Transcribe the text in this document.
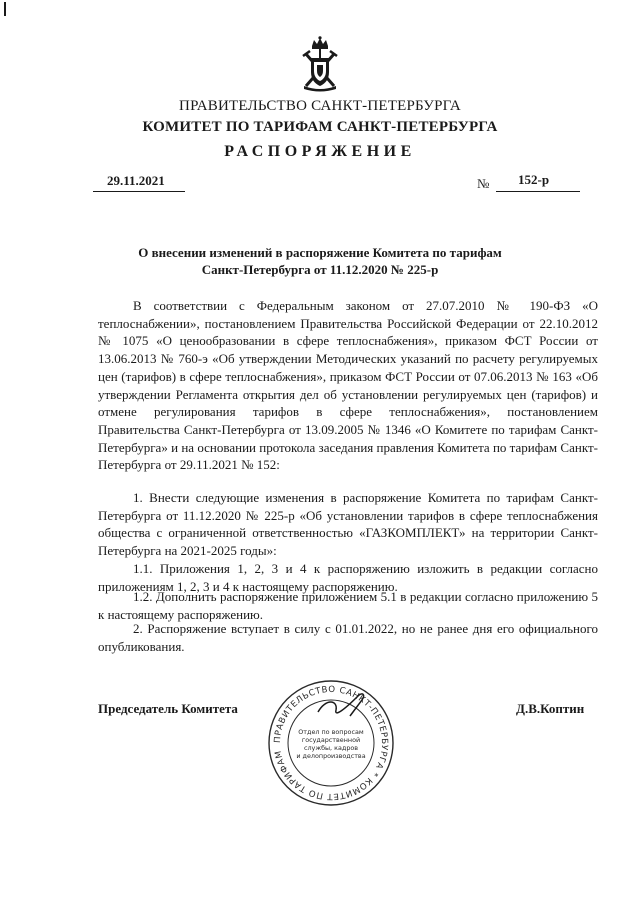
ПРАВИТЕЛЬСТВО САНКТ-ПЕТЕРБУРГА
КОМИТЕТ ПО ТАРИФАМ САНКТ-ПЕТЕРБУРГА
РАСПОРЯЖЕНИЕ
29.11.2021	№ 152-р
О внесении изменений в распоряжение Комитета по тарифам
Санкт-Петербурга от 11.12.2020 № 225-р

В соответствии с Федеральным законом от 27.07.2010 № 190-ФЗ «О теплоснабжении», постановлением Правительства Российской Федерации от 22.10.2012 № 1075 «О ценообразовании в сфере теплоснабжения», приказом ФСТ России от 13.06.2013 № 760-э «Об утверждении Методических указаний по расчету регулируемых цен (тарифов) в сфере теплоснабжения», приказом ФСТ России от 07.06.2013 № 163 «Об утверждении Регламента открытия дел об установлении регулируемых цен (тарифов) и отмене регулирования тарифов в сфере теплоснабжения», постановлением Правительства Санкт-Петербурга от 13.09.2005 № 1346 «О Комитете по тарифам Санкт-Петербурга» и на основании протокола заседания правления Комитета по тарифам Санкт-Петербурга от 29.11.2021 № 152:

1. Внести следующие изменения в распоряжение Комитета по тарифам Санкт-Петербурга от 11.12.2020 № 225-р «Об установлении тарифов в сфере теплоснабжения общества с ограниченной ответственностью «ГАЗКОМПЛЕКТ» на территории Санкт-Петербурга на 2021-2025 годы»:

1.1. Приложения 1, 2, 3 и 4 к распоряжению изложить в редакции согласно приложениям 1, 2, 3 и 4 к настоящему распоряжению.

1.2. Дополнить распоряжение приложением 5.1 в редакции согласно приложению 5 к настоящему распоряжению.

2. Распоряжение вступает в силу с 01.01.2022, но не ранее дня его официального опубликования.

Председатель Комитета	Д.В.Коптин
ПРАВИТЕЛЬСТВО САНКТ-ПЕТЕРБУРГА * КОМИТЕТ ПО ТАРИФАМ
Отдел по вопросам
государственной
службы, кадров
и делопроизводства
